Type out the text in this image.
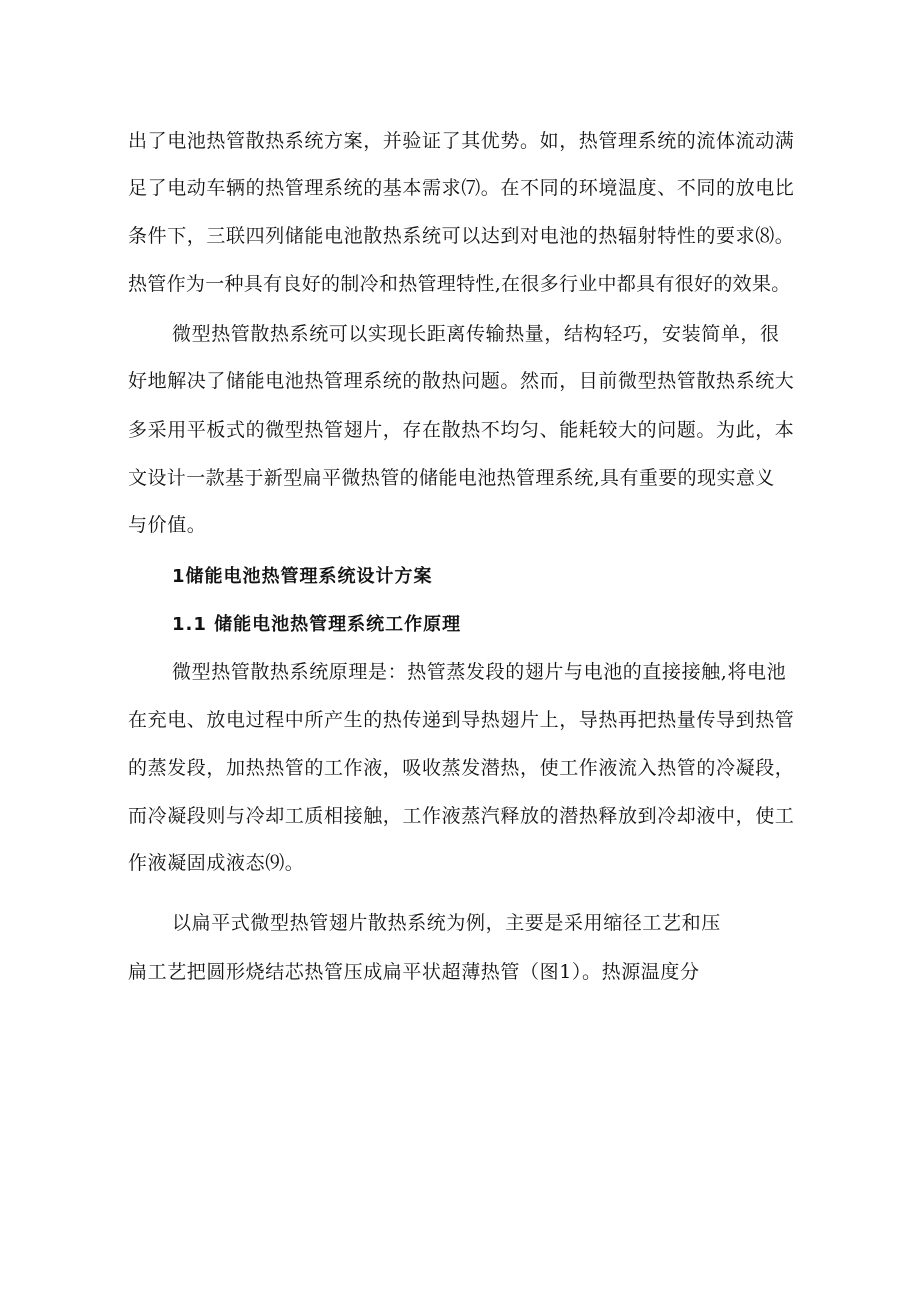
出了电池热管散热系统方案，并验证了其优势。如，热管理系统的流体流动满
足了电动车辆的热管理系统的基本需求⑺。在不同的环境温度、不同的放电比
条件下，三联四列储能电池散热系统可以达到对电池的热辐射特性的要求⑻。
热管作为一种具有良好的制冷和热管理特性,在很多行业中都具有很好的效果。
微型热管散热系统可以实现长距离传输热量，结构轻巧，安装简单，很
好地解决了储能电池热管理系统的散热问题。然而，目前微型热管散热系统大
多采用平板式的微型热管翅片，存在散热不均匀、能耗较大的问题。为此，本
文设计一款基于新型扁平微热管的储能电池热管理系统,具有重要的现实意义
与价值。
1储能电池热管理系统设计方案
1.1 储能电池热管理系统工作原理
微型热管散热系统原理是：热管蒸发段的翅片与电池的直接接触,将电池
在充电、放电过程中所产生的热传递到导热翅片上，导热再把热量传导到热管
的蒸发段，加热热管的工作液，吸收蒸发潜热，使工作液流入热管的冷凝段，
而冷凝段则与冷却工质相接触，工作液蒸汽释放的潜热释放到冷却液中，使工
作液凝固成液态⑼。
以扁平式微型热管翅片散热系统为例，主要是采用缩径工艺和压
扁工艺把圆形烧结芯热管压成扁平状超薄热管（图1）。热源温度分
